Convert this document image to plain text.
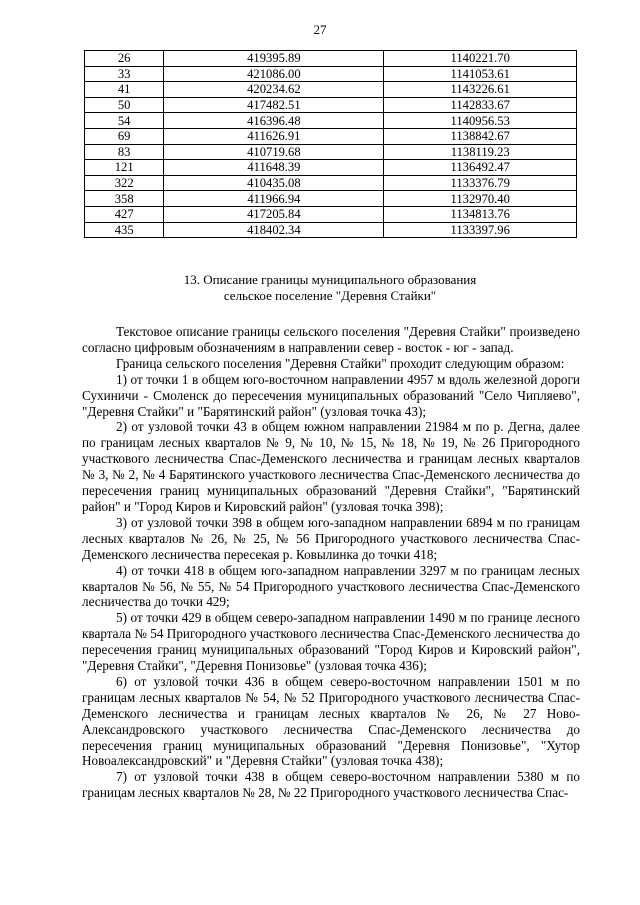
27
26	419395.89	1140221.70
33	421086.00	1141053.61
41	420234.62	1143226.61
50	417482.51	1142833.67
54	416396.48	1140956.53
69	411626.91	1138842.67
83	410719.68	1138119.23
121	411648.39	1136492.47
322	410435.08	1133376.79
358	411966.94	1132970.40
427	417205.84	1134813.76
435	418402.34	1133397.96
13. Описание границы муниципального образования
сельское поселение "Деревня Стайки"

Текстовое описание границы сельского поселения "Деревня Стайки" произведено согласно цифровым обозначениям в направлении север - восток - юг - запад.

Граница сельского поселения "Деревня Стайки" проходит следующим образом:

1) от точки 1 в общем юго-восточном направлении 4957 м вдоль железной дороги Сухиничи - Смоленск до пересечения муниципальных образований "Село Чипляево", "Деревня Стайки" и "Барятинский район" (узловая точка 43);

2) от узловой точки 43 в общем южном направлении 21984 м по р. Дегна, далее по границам лесных кварталов № 9, № 10, № 15, № 18, № 19, № 26 Пригородного участкового лесничества Спас-Деменского лесничества и границам лесных кварталов № 3, № 2, № 4 Барятинского участкового лесничества Спас-Деменского лесничества до пересечения границ муниципальных образований "Деревня Стайки", "Барятинский район" и "Город Киров и Кировский район" (узловая точка 398);

3) от узловой точки 398 в общем юго-западном направлении 6894 м по границам лесных кварталов № 26, № 25, № 56 Пригородного участкового лесничества Спас-Деменского лесничества пересекая р. Ковылинка до точки 418;

4) от точки 418 в общем юго-западном направлении 3297 м по границам лесных кварталов № 56, № 55, № 54 Пригородного участкового лесничества Спас-Деменского лесничества до точки 429;

5) от точки 429 в общем северо-западном направлении 1490 м по границе лесного квартала № 54 Пригородного участкового лесничества Спас-Деменского лесничества до пересечения границ муниципальных образований "Город Киров и Кировский район", "Деревня Стайки", "Деревня Понизовье" (узловая точка 436);

6) от узловой точки 436 в общем северо-восточном направлении 1501 м по границам лесных кварталов № 54, № 52 Пригородного участкового лесничества Спас-Деменского лесничества и границам лесных кварталов № 26, № 27 Ново-Александровского участкового лесничества Спас-Деменского лесничества до пересечения границ муниципальных образований "Деревня Понизовье", "Хутор Новоалександровский" и "Деревня Стайки" (узловая точка 438);

7) от узловой точки 438 в общем северо-восточном направлении 5380 м по границам лесных кварталов № 28, № 22 Пригородного участкового лесничества Спас-
